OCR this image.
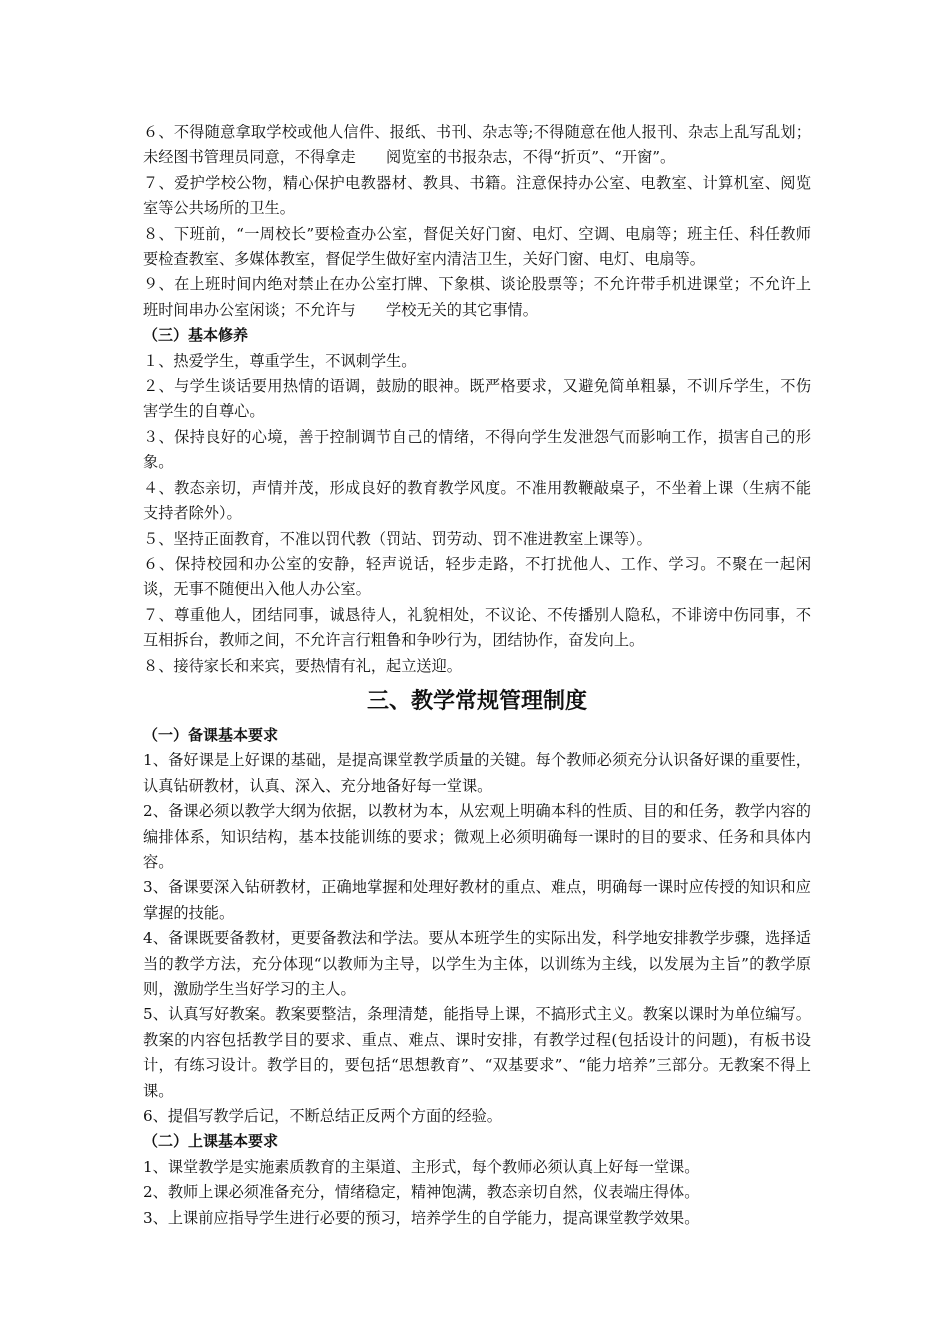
６、不得随意拿取学校或他人信件、报纸、书刊、杂志等;不得随意在他人报刊、杂志上乱写乱划；未经图书管理员同意，不得拿走　　阅览室的书报杂志，不得“折页”、“开窗”。

７、爱护学校公物，精心保护电教器材、教具、书籍。注意保持办公室、电教室、计算机室、阅览室等公共场所的卫生。

８、下班前，“一周校长”要检查办公室，督促关好门窗、电灯、空调、电扇等；班主任、科任教师要检查教室、多媒体教室，督促学生做好室内清洁卫生，关好门窗、电灯、电扇等。

９、在上班时间内绝对禁止在办公室打牌、下象棋、谈论股票等；不允许带手机进课堂；不允许上班时间串办公室闲谈；不允许与　　学校无关的其它事情。

（三）基本修养

１、热爱学生，尊重学生，不讽刺学生。

２、与学生谈话要用热情的语调，鼓励的眼神。既严格要求，又避免简单粗暴，不训斥学生，不伤害学生的自尊心。

３、保持良好的心境，善于控制调节自己的情绪，不得向学生发泄怨气而影响工作，损害自己的形象。

４、教态亲切，声情并茂，形成良好的教育教学风度。不准用教鞭敲桌子，不坐着上课（生病不能支持者除外）。

５、坚持正面教育，不准以罚代教（罚站、罚劳动、罚不准进教室上课等）。

６、保持校园和办公室的安静，轻声说话，轻步走路，不打扰他人、工作、学习。不聚在一起闲谈，无事不随便出入他人办公室。

７、尊重他人，团结同事，诚恳待人，礼貌相处，不议论、不传播别人隐私，不诽谤中伤同事，不互相拆台，教师之间，不允许言行粗鲁和争吵行为，团结协作，奋发向上。

８、接待家长和来宾，要热情有礼，起立送迎。

三、教学常规管理制度

（一）备课基本要求

1、备好课是上好课的基础，是提高课堂教学质量的关键。每个教师必须充分认识备好课的重要性，认真钻研教材，认真、深入、充分地备好每一堂课。

2、备课必须以教学大纲为依据，以教材为本，从宏观上明确本科的性质、目的和任务，教学内容的编排体系，知识结构，基本技能训练的要求；微观上必须明确每一课时的目的要求、任务和具体内容。

3、备课要深入钻研教材，正确地掌握和处理好教材的重点、难点，明确每一课时应传授的知识和应掌握的技能。

4、备课既要备教材，更要备教法和学法。要从本班学生的实际出发，科学地安排教学步骤，选择适当的教学方法，充分体现“以教师为主导，以学生为主体，以训练为主线，以发展为主旨”的教学原则，激励学生当好学习的主人。

5、认真写好教案。教案要整洁，条理清楚，能指导上课，不搞形式主义。教案以课时为单位编写。教案的内容包括教学目的要求、重点、难点、课时安排，有教学过程(包括设计的问题)，有板书设计，有练习设计。教学目的，要包括“思想教育”、“双基要求”、“能力培养”三部分。无教案不得上课。

6、提倡写教学后记，不断总结正反两个方面的经验。

（二）上课基本要求

1、课堂教学是实施素质教育的主渠道、主形式，每个教师必须认真上好每一堂课。

2、教师上课必须准备充分，情绪稳定，精神饱满，教态亲切自然，仪表端庄得体。

3、上课前应指导学生进行必要的预习，培养学生的自学能力，提高课堂教学效果。
